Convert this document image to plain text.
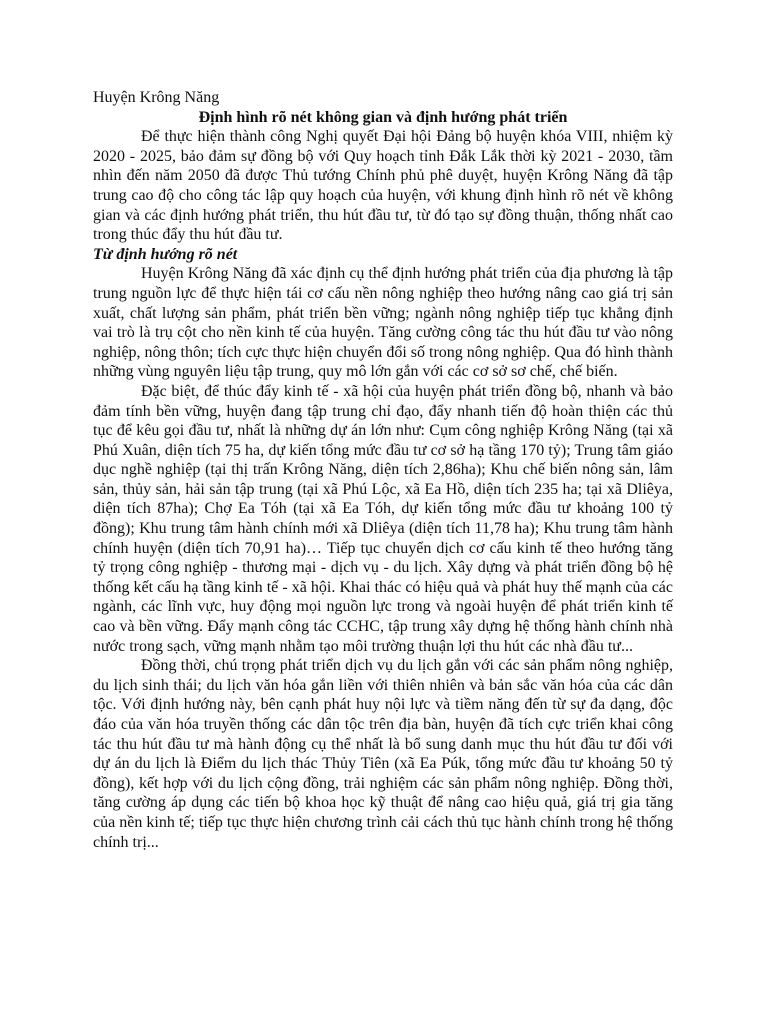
Huyện Krông Năng

Định hình rõ nét không gian và định hướng phát triển

Để thực hiện thành công Nghị quyết Đại hội Đảng bộ huyện khóa VIII, nhiệm kỳ 2020 - 2025, bảo đảm sự đồng bộ với Quy hoạch tỉnh Đắk Lắk thời kỳ 2021 - 2030, tầm nhìn đến năm 2050 đã được Thủ tướng Chính phủ phê duyệt, huyện Krông Năng đã tập trung cao độ cho công tác lập quy hoạch của huyện, với khung định hình rõ nét về không gian và các định hướng phát triển, thu hút đầu tư, từ đó tạo sự đồng thuận, thống nhất cao trong thúc đẩy thu hút đầu tư.

Từ định hướng rõ nét

Huyện Krông Năng đã xác định cụ thể định hướng phát triển của địa phương là tập trung nguồn lực để thực hiện tái cơ cấu nền nông nghiệp theo hướng nâng cao giá trị sản xuất, chất lượng sản phẩm, phát triển bền vững; ngành nông nghiệp tiếp tục khẳng định vai trò là trụ cột cho nền kinh tế của huyện. Tăng cường công tác thu hút đầu tư vào nông nghiệp, nông thôn; tích cực thực hiện chuyển đổi số trong nông nghiệp. Qua đó hình thành những vùng nguyên liệu tập trung, quy mô lớn gắn với các cơ sở sơ chế, chế biến.

Đặc biệt, để thúc đẩy kinh tế - xã hội của huyện phát triển đồng bộ, nhanh và bảo đảm tính bền vững, huyện đang tập trung chỉ đạo, đẩy nhanh tiến độ hoàn thiện các thủ tục để kêu gọi đầu tư, nhất là những dự án lớn như: Cụm công nghiệp Krông Năng (tại xã Phú Xuân, diện tích 75 ha, dự kiến tổng mức đầu tư cơ sở hạ tầng 170 tỷ); Trung tâm giáo dục nghề nghiệp (tại thị trấn Krông Năng, diện tích 2,86ha); Khu chế biến nông sản, lâm sản, thủy sản, hải sản tập trung (tại xã Phú Lộc, xã Ea Hồ, diện tích 235 ha; tại xã Dliêya, diện tích 87ha); Chợ Ea Tóh (tại xã Ea Tóh, dự kiến tổng mức đầu tư khoảng 100 tỷ đồng); Khu trung tâm hành chính mới xã Dliêya (diện tích 11,78 ha); Khu trung tâm hành chính huyện (diện tích 70,91 ha)… Tiếp tục chuyển dịch cơ cấu kinh tế theo hướng tăng tỷ trọng công nghiệp - thương mại - dịch vụ - du lịch. Xây dựng và phát triển đồng bộ hệ thống kết cấu hạ tầng kinh tế - xã hội. Khai thác có hiệu quả và phát huy thế mạnh của các ngành, các lĩnh vực, huy động mọi nguồn lực trong và ngoài huyện để phát triển kinh tế cao và bền vững. Đẩy mạnh công tác CCHC, tập trung xây dựng hệ thống hành chính nhà nước trong sạch, vững mạnh nhằm tạo môi trường thuận lợi thu hút các nhà đầu tư...

Đồng thời, chú trọng phát triển dịch vụ du lịch gắn với các sản phẩm nông nghiệp, du lịch sinh thái; du lịch văn hóa gắn liền với thiên nhiên và bản sắc văn hóa của các dân tộc. Với định hướng này, bên cạnh phát huy nội lực và tiềm năng đến từ sự đa dạng, độc đáo của văn hóa truyền thống các dân tộc trên địa bàn, huyện đã tích cực triển khai công tác thu hút đầu tư mà hành động cụ thể nhất là bổ sung danh mục thu hút đầu tư đối với dự án du lịch là Điểm du lịch thác Thủy Tiên (xã Ea Púk, tổng mức đầu tư khoảng 50 tỷ đồng), kết hợp với du lịch cộng đồng, trải nghiệm các sản phẩm nông nghiệp. Đồng thời, tăng cường áp dụng các tiến bộ khoa học kỹ thuật để nâng cao hiệu quả, giá trị gia tăng của nền kinh tế; tiếp tục thực hiện chương trình cải cách thủ tục hành chính trong hệ thống chính trị...
